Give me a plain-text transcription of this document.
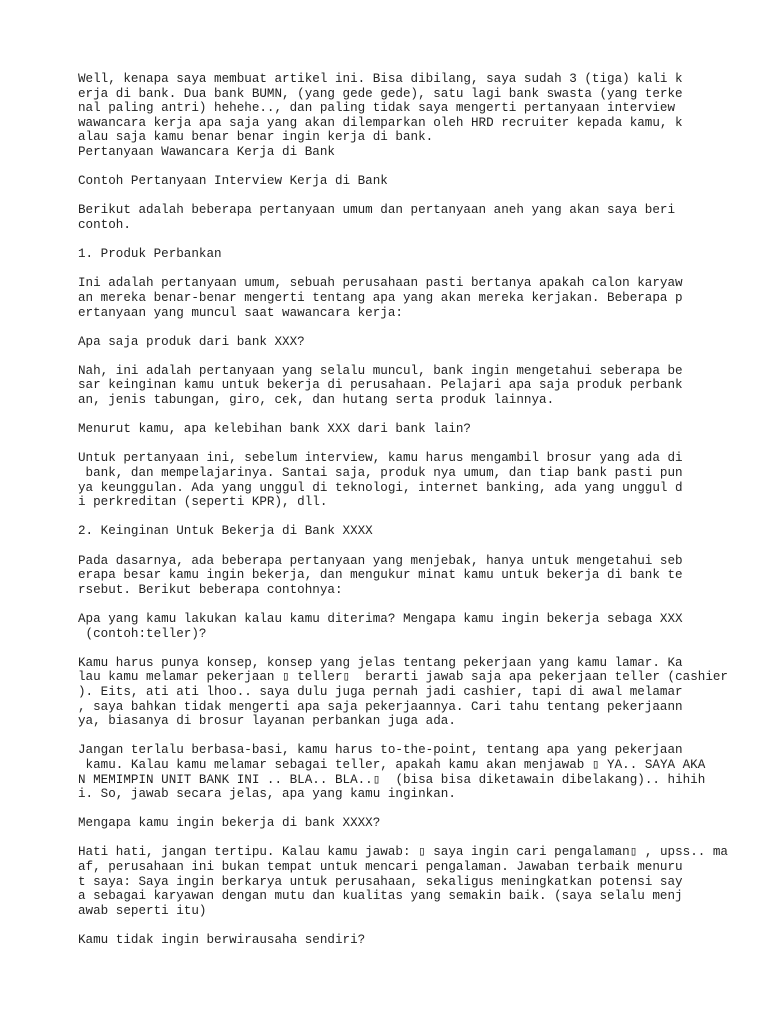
Well, kenapa saya membuat artikel ini. Bisa dibilang, saya sudah 3 (tiga) kali k
erja di bank. Dua bank BUMN, (yang gede gede), satu lagi bank swasta (yang terke
nal paling antri) hehehe.., dan paling tidak saya mengerti pertanyaan interview
wawancara kerja apa saja yang akan dilemparkan oleh HRD recruiter kepada kamu, k
alau saja kamu benar benar ingin kerja di bank.
Pertanyaan Wawancara Kerja di Bank
Contoh Pertanyaan Interview Kerja di Bank
Berikut adalah beberapa pertanyaan umum dan pertanyaan aneh yang akan saya beri
contoh.
1. Produk Perbankan
Ini adalah pertanyaan umum, sebuah perusahaan pasti bertanya apakah calon karyaw
an mereka benar-benar mengerti tentang apa yang akan mereka kerjakan. Beberapa p
ertanyaan yang muncul saat wawancara kerja:
Apa saja produk dari bank XXX?
Nah, ini adalah pertanyaan yang selalu muncul, bank ingin mengetahui seberapa be
sar keinginan kamu untuk bekerja di perusahaan. Pelajari apa saja produk perbank
an, jenis tabungan, giro, cek, dan hutang serta produk lainnya.
Menurut kamu, apa kelebihan bank XXX dari bank lain?
Untuk pertanyaan ini, sebelum interview, kamu harus mengambil brosur yang ada di
bank, dan mempelajarinya. Santai saja, produk nya umum, dan tiap bank pasti pun
ya keunggulan. Ada yang unggul di teknologi, internet banking, ada yang unggul d
i perkreditan (seperti KPR), dll.
2. Keinginan Untuk Bekerja di Bank XXXX
Pada dasarnya, ada beberapa pertanyaan yang menjebak, hanya untuk mengetahui seb
erapa besar kamu ingin bekerja, dan mengukur minat kamu untuk bekerja di bank te
rsebut. Berikut beberapa contohnya:
Apa yang kamu lakukan kalau kamu diterima? Mengapa kamu ingin bekerja sebaga XXX
(contoh:teller)?
Kamu harus punya konsep, konsep yang jelas tentang pekerjaan yang kamu lamar. Ka
lau kamu melamar pekerjaan ▯ teller▯  berarti jawab saja apa pekerjaan teller (cashier
). Eits, ati ati lhoo.. saya dulu juga pernah jadi cashier, tapi di awal melamar
, saya bahkan tidak mengerti apa saja pekerjaannya. Cari tahu tentang pekerjaann
ya, biasanya di brosur layanan perbankan juga ada.
Jangan terlalu berbasa-basi, kamu harus to-the-point, tentang apa yang pekerjaan
kamu. Kalau kamu melamar sebagai teller, apakah kamu akan menjawab ▯ YA.. SAYA AKA
N MEMIMPIN UNIT BANK INI .. BLA.. BLA..▯  (bisa bisa diketawain dibelakang).. hihih
i. So, jawab secara jelas, apa yang kamu inginkan.
Mengapa kamu ingin bekerja di bank XXXX?
Hati hati, jangan tertipu. Kalau kamu jawab: ▯ saya ingin cari pengalaman▯ , upss.. ma
af, perusahaan ini bukan tempat untuk mencari pengalaman. Jawaban terbaik menuru
t saya: Saya ingin berkarya untuk perusahaan, sekaligus meningkatkan potensi say
a sebagai karyawan dengan mutu dan kualitas yang semakin baik. (saya selalu menj
awab seperti itu)
Kamu tidak ingin berwirausaha sendiri?
